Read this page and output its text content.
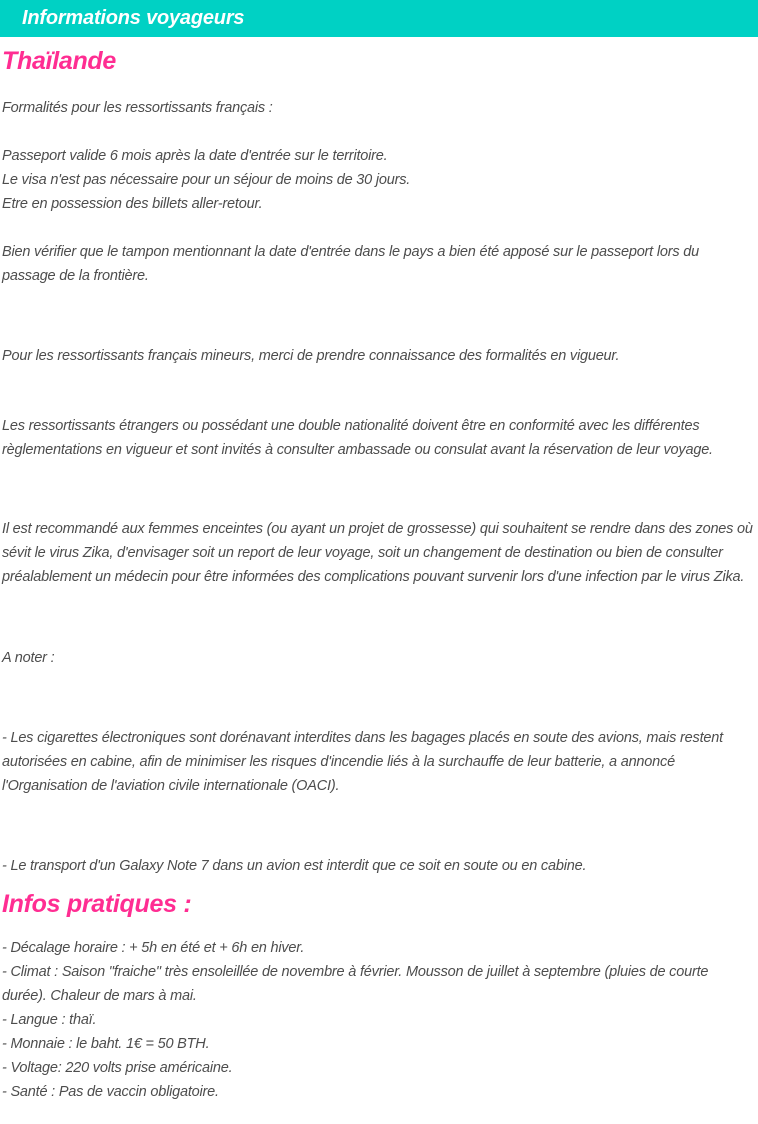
Informations voyageurs
Thaïlande

Formalités pour les ressortissants français :

Passeport valide 6 mois après la date d'entrée sur le territoire.

Le visa n'est pas nécessaire pour un séjour de moins de 30 jours.

Etre en possession des billets aller-retour.

Bien vérifier que le tampon mentionnant la date d'entrée dans le pays a bien été apposé sur le passeport lors du passage de la frontière.

Pour les ressortissants français mineurs, merci de prendre connaissance des formalités en vigueur.

Les ressortissants étrangers ou possédant une double nationalité doivent être en conformité avec les différentes règlementations en vigueur et sont invités à consulter ambassade ou consulat avant la réservation de leur voyage.

Il est recommandé aux femmes enceintes (ou ayant un projet de grossesse) qui souhaitent se rendre dans des zones où sévit le virus Zika, d'envisager soit un report de leur voyage, soit un changement de destination ou bien de consulter préalablement un médecin pour être informées des complications pouvant survenir lors d'une infection par le virus Zika.

A noter :

- Les cigarettes électroniques sont dorénavant interdites dans les bagages placés en soute des avions, mais restent autorisées en cabine, afin de minimiser les risques d'incendie liés à la surchauffe de leur batterie, a annoncé l'Organisation de l'aviation civile internationale (OACI).

- Le transport d'un Galaxy Note 7 dans un avion est interdit que ce soit en soute ou en cabine.

Infos pratiques :

- Décalage horaire : + 5h en été et + 6h en hiver.

- Climat : Saison "fraiche" très ensoleillée de novembre à février. Mousson de juillet à septembre (pluies de courte durée). Chaleur de mars à mai.

- Langue : thaï.

- Monnaie : le baht. 1€ = 50 BTH.

- Voltage: 220 volts prise américaine.

- Santé : Pas de vaccin obligatoire.
